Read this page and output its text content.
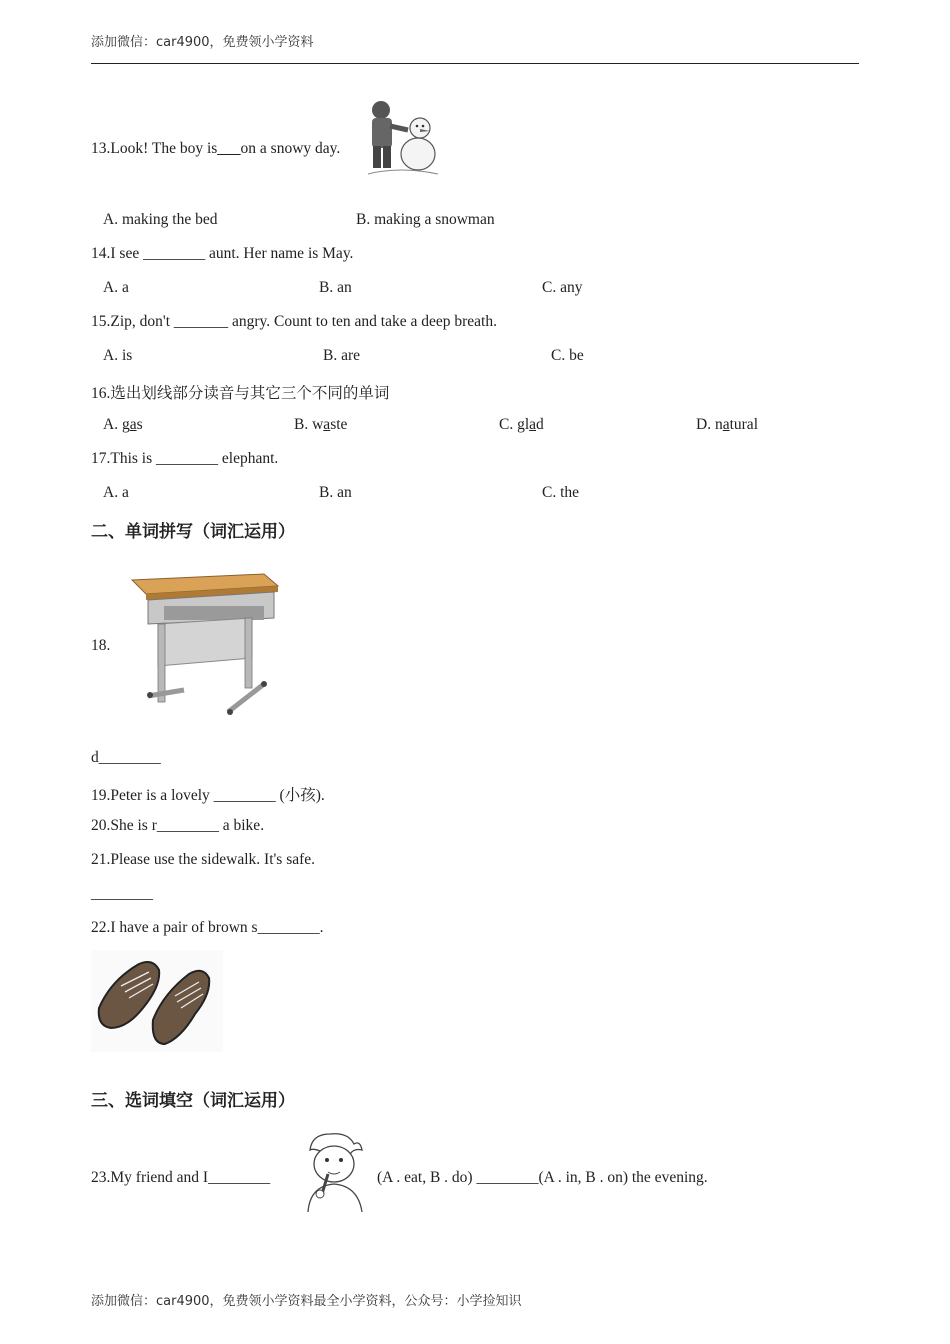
添加微信：car4900，免费领小学资料
13.Look! The boy is___on a snowy day.
A. making the bed	B. making a snowman
14.I see ________ aunt. Her name is May.
A. a	B. an	C. any
15.Zip, don't _______ angry. Count to ten and take a deep breath.
A. is	B. are	C. be
16.选出划线部分读音与其它三个不同的单词
A. gas	B. waste	C. glad	D. natural
17.This is ________ elephant.
A. a	B. an	C. the
二、单词拼写（词汇运用）
18.
d________
19.Peter is a lovely ________ (小孩).
20.She is r________ a bike.
21.Please use the sidewalk. It's safe.
________
22.I have a pair of brown s________.
三、选词填空（词汇运用）
23.My friend and I________	(A . eat, B . do) ________(A . in, B . on) the evening.
添加微信：car4900，免费领小学资料最全小学资料，公众号：小学捡知识
